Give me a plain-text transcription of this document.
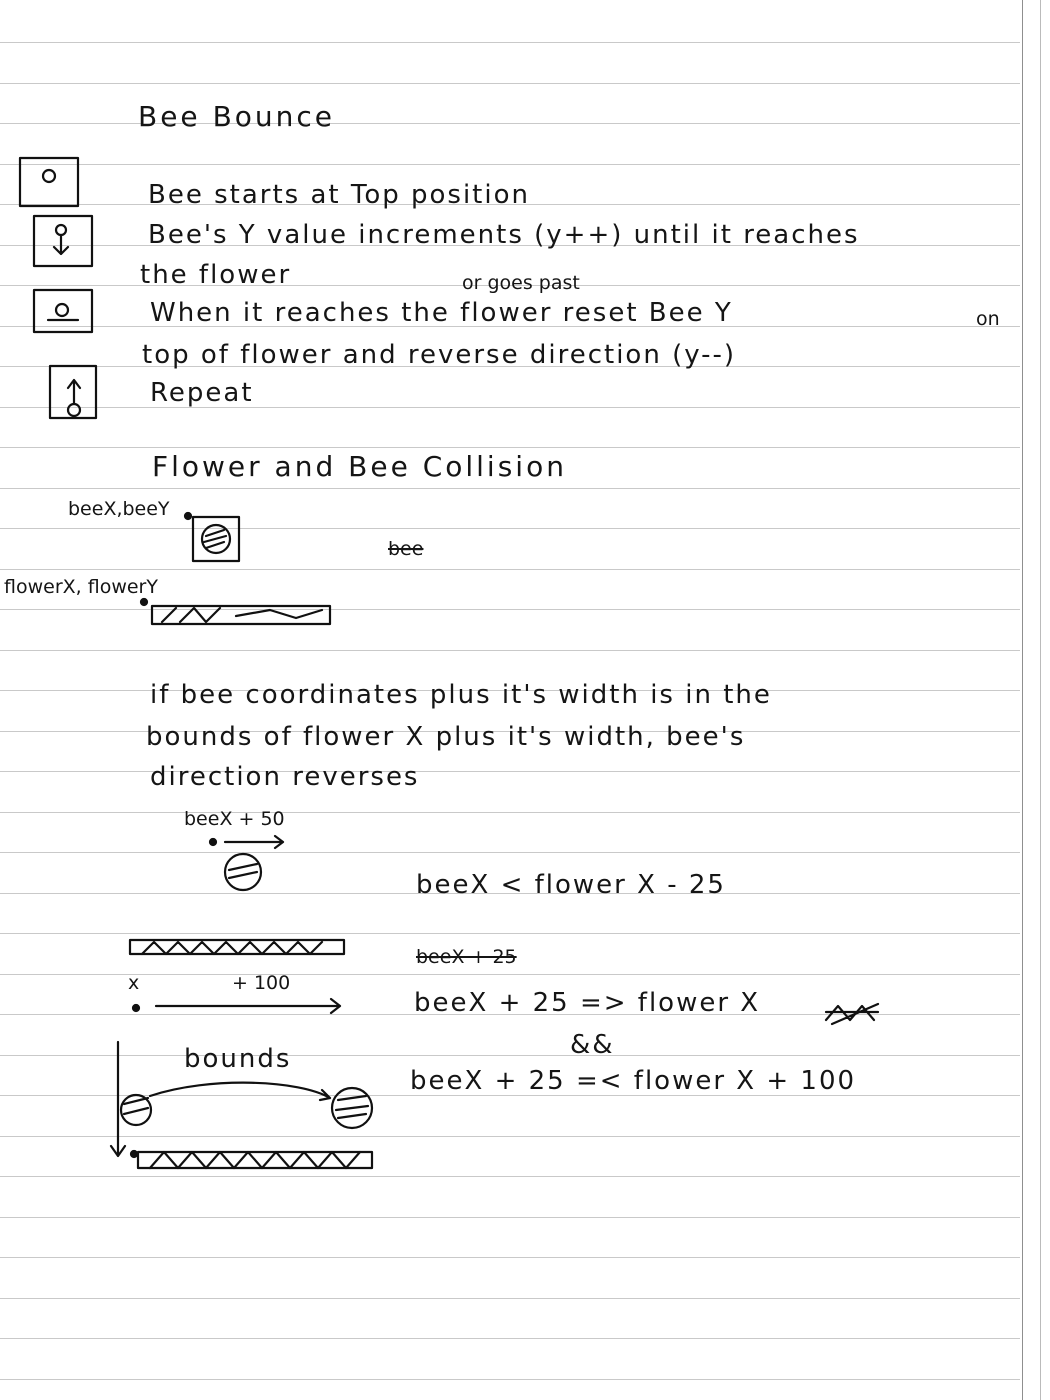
Bee Bounce
Bee starts at Top position
Bee's Y value increments (y++) until it reaches
the flower	or goes past
When it reaches the flower reset Bee Y	on
top of flower and reverse direction (y--)
Repeat
Flower and Bee Collision
beeX,beeY
bee
flowerX, flowerY
if bee coordinates plus it's width is in the
bounds of flower X plus it's width, bee's
direction reverses
beeX + 50
beeX < flower X - 25
beeX + 25
x	+ 100
beeX + 25 => flower X
&&
bounds
beeX + 25 =< flower X + 100
